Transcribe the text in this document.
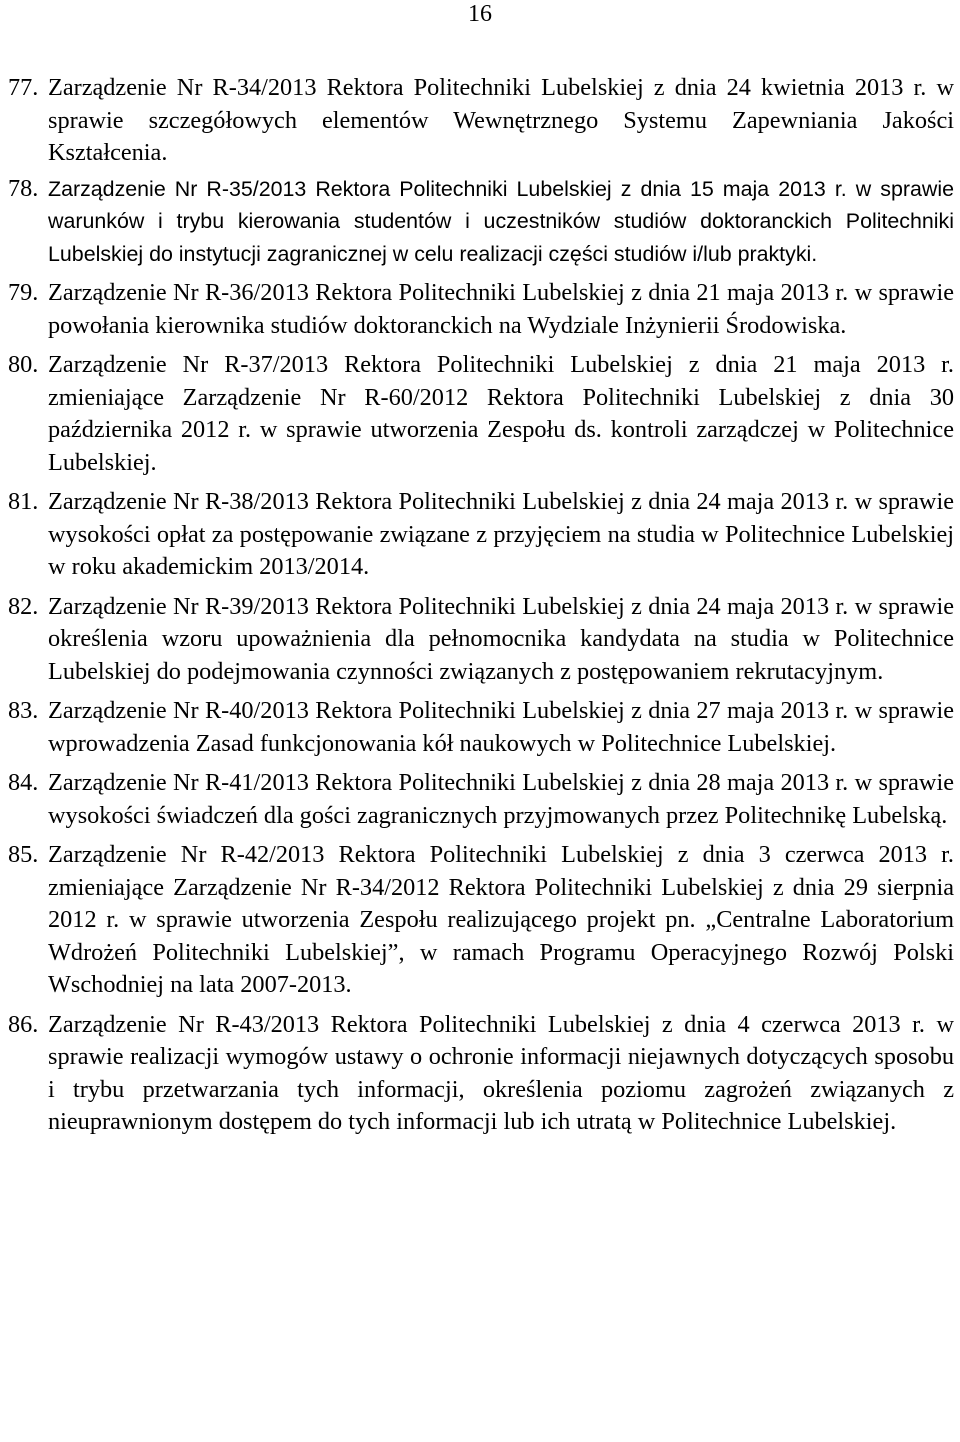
16
77. Zarządzenie Nr R-34/2013 Rektora Politechniki Lubelskiej z dnia 24 kwietnia 2013 r. w sprawie szczegółowych elementów Wewnętrznego Systemu Zapewniania Jakości Kształcenia.
78. Zarządzenie Nr R-35/2013 Rektora Politechniki Lubelskiej z dnia 15 maja 2013 r. w sprawie warunków i trybu kierowania studentów i uczestników studiów doktoranckich Politechniki Lubelskiej do instytucji zagranicznej w celu realizacji części studiów i/lub praktyki.
79. Zarządzenie Nr R-36/2013 Rektora Politechniki Lubelskiej z dnia 21 maja 2013 r. w sprawie powołania kierownika studiów doktoranckich na Wydziale Inżynierii Środowiska.
80. Zarządzenie Nr R-37/2013 Rektora Politechniki Lubelskiej z dnia 21 maja 2013 r. zmieniające Zarządzenie Nr R-60/2012 Rektora Politechniki Lubelskiej z dnia 30 października 2012 r. w sprawie utworzenia Zespołu ds. kontroli zarządczej w Politechnice Lubelskiej.
81. Zarządzenie Nr R-38/2013 Rektora Politechniki Lubelskiej z dnia 24 maja 2013 r. w sprawie wysokości opłat za postępowanie związane z przyjęciem na studia w Politechnice Lubelskiej w roku akademickim 2013/2014.
82. Zarządzenie Nr R-39/2013 Rektora Politechniki Lubelskiej z dnia 24 maja 2013 r. w sprawie określenia wzoru upoważnienia dla pełnomocnika kandydata na studia w Politechnice Lubelskiej do podejmowania czynności związanych z postępowaniem rekrutacyjnym.
83. Zarządzenie Nr R-40/2013 Rektora Politechniki Lubelskiej z dnia 27 maja 2013 r. w sprawie wprowadzenia Zasad funkcjonowania kół naukowych w Politechnice Lubelskiej.
84. Zarządzenie Nr R-41/2013 Rektora Politechniki Lubelskiej z dnia 28 maja 2013 r. w sprawie wysokości świadczeń dla gości zagranicznych przyjmowanych przez Politechnikę Lubelską.
85. Zarządzenie Nr R-42/2013 Rektora Politechniki Lubelskiej z dnia 3 czerwca 2013 r. zmieniające Zarządzenie Nr R-34/2012 Rektora Politechniki Lubelskiej z dnia 29 sierpnia 2012 r. w sprawie utworzenia Zespołu realizującego projekt pn. „Centralne Laboratorium Wdrożeń Politechniki Lubelskiej”, w ramach Programu Operacyjnego Rozwój Polski Wschodniej na lata 2007-2013.
86. Zarządzenie Nr R-43/2013 Rektora Politechniki Lubelskiej z dnia 4 czerwca 2013 r. w sprawie realizacji wymogów ustawy o ochronie informacji niejawnych dotyczących sposobu i trybu przetwarzania tych informacji, określenia poziomu zagrożeń związanych z nieuprawnionym dostępem do tych informacji lub ich utratą w Politechnice Lubelskiej.
